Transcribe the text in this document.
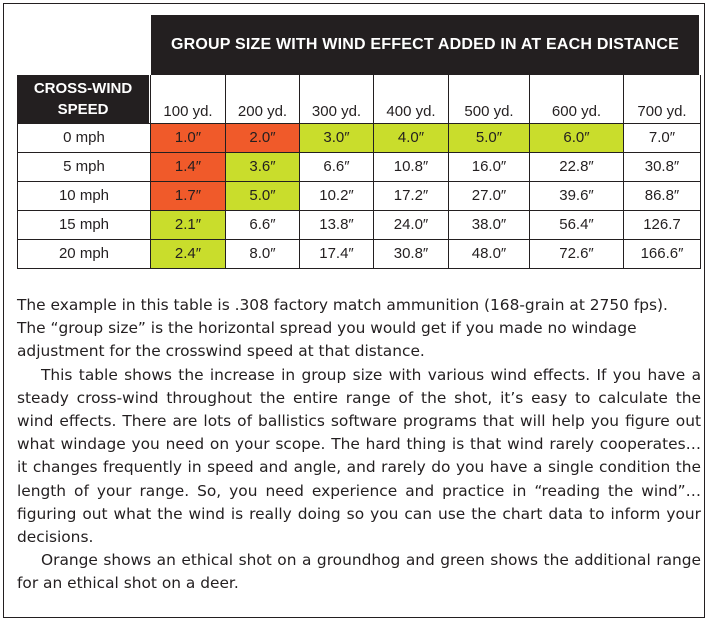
GROUP SIZE WITH WIND EFFECT ADDED IN AT EACH DISTANCE
	100 yd.	200 yd.	300 yd.	400 yd.	500 yd.	600 yd.	700 yd.
0 mph	1.0″	2.0″	3.0″	4.0″	5.0″	6.0″	7.0″
5 mph	1.4″	3.6″	6.6″	10.8″	16.0″	22.8″	30.8″
10 mph	1.7″	5.0″	10.2″	17.2″	27.0″	39.6″	86.8″
15 mph	2.1″	6.6″	13.8″	24.0″	38.0″	56.4″	126.7
20 mph	2.4″	8.0″	17.4″	30.8″	48.0″	72.6″	166.6″
CROSS-WIND
SPEED

The example in this table is .308 factory match ammunition (168-grain at 2750 fps). The “group size” is the horizontal spread you would get if you made no windage adjustment for the crosswind speed at that distance.

This table shows the increase in group size with various wind effects. If you have a steady cross-wind throughout the entire range of the shot, it’s easy to calculate the wind effects. There are lots of ballistics software programs that will help you figure out what windage you need on your scope. The hard thing is that wind rarely cooperates… it changes frequently in speed and angle, and rarely do you have a single condition the length of your range. So, you need experience and practice in “reading the wind”… figuring out what the wind is really doing so you can use the chart data to inform your decisions.

Orange shows an ethical shot on a groundhog and green shows the additional range for an ethical shot on a deer.
